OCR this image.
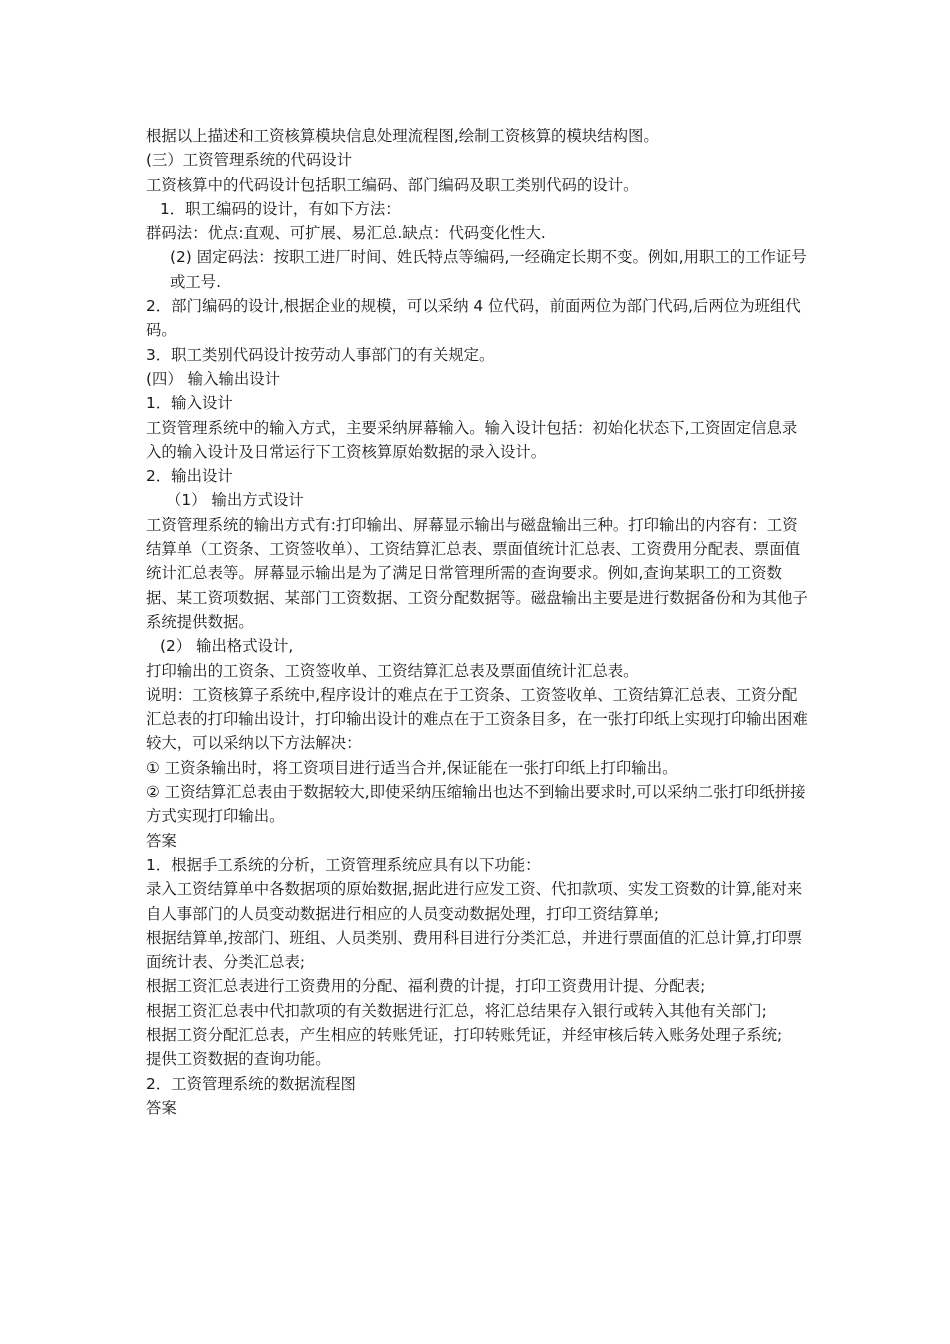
根据以上描述和工资核算模块信息处理流程图,绘制工资核算的模块结构图。

(三）工资管理系统的代码设计

工资核算中的代码设计包括职工编码、部门编码及职工类别代码的设计。

1．职工编码的设计，有如下方法：

群码法：优点:直观、可扩展、易汇总.缺点：代码变化性大.

(2) 固定码法：按职工进厂时间、姓氏特点等编码,一经确定长期不变。例如,用职工的工作证号或工号.

2．部门编码的设计,根据企业的规模，可以采纳 4 位代码，前面两位为部门代码,后两位为班组代码。

3．职工类别代码设计按劳动人事部门的有关规定。

(四） 输入输出设计

1．输入设计

工资管理系统中的输入方式，主要采纳屏幕输入。输入设计包括：初始化状态下,工资固定信息录入的输入设计及日常运行下工资核算原始数据的录入设计。

2．输出设计

（1） 输出方式设计

工资管理系统的输出方式有:打印输出、屏幕显示输出与磁盘输出三种。打印输出的内容有：工资结算单（工资条、工资签收单）、工资结算汇总表、票面值统计汇总表、工资费用分配表、票面值统计汇总表等。屏幕显示输出是为了满足日常管理所需的查询要求。例如,查询某职工的工资数据、某工资项数据、某部门工资数据、工资分配数据等。磁盘输出主要是进行数据备份和为其他子系统提供数据。

(2） 输出格式设计,

打印输出的工资条、工资签收单、工资结算汇总表及票面值统计汇总表。

说明：工资核算子系统中,程序设计的难点在于工资条、工资签收单、工资结算汇总表、工资分配汇总表的打印输出设计，打印输出设计的难点在于工资条目多，在一张打印纸上实现打印输出困难较大，可以采纳以下方法解决：

① 工资条输出时，将工资项目进行适当合并,保证能在一张打印纸上打印输出。

② 工资结算汇总表由于数据较大,即使采纳压缩输出也达不到输出要求时,可以采纳二张打印纸拼接方式实现打印输出。

答案

1．根据手工系统的分析，工资管理系统应具有以下功能：

录入工资结算单中各数据项的原始数据,据此进行应发工资、代扣款项、实发工资数的计算,能对来自人事部门的人员变动数据进行相应的人员变动数据处理，打印工资结算单;

根据结算单,按部门、班组、人员类别、费用科目进行分类汇总，并进行票面值的汇总计算,打印票面统计表、分类汇总表;

根据工资汇总表进行工资费用的分配、福利费的计提，打印工资费用计提、分配表;

根据工资汇总表中代扣款项的有关数据进行汇总，将汇总结果存入银行或转入其他有关部门;

根据工资分配汇总表，产生相应的转账凭证，打印转账凭证，并经审核后转入账务处理子系统;

提供工资数据的查询功能。

2．工资管理系统的数据流程图

答案
